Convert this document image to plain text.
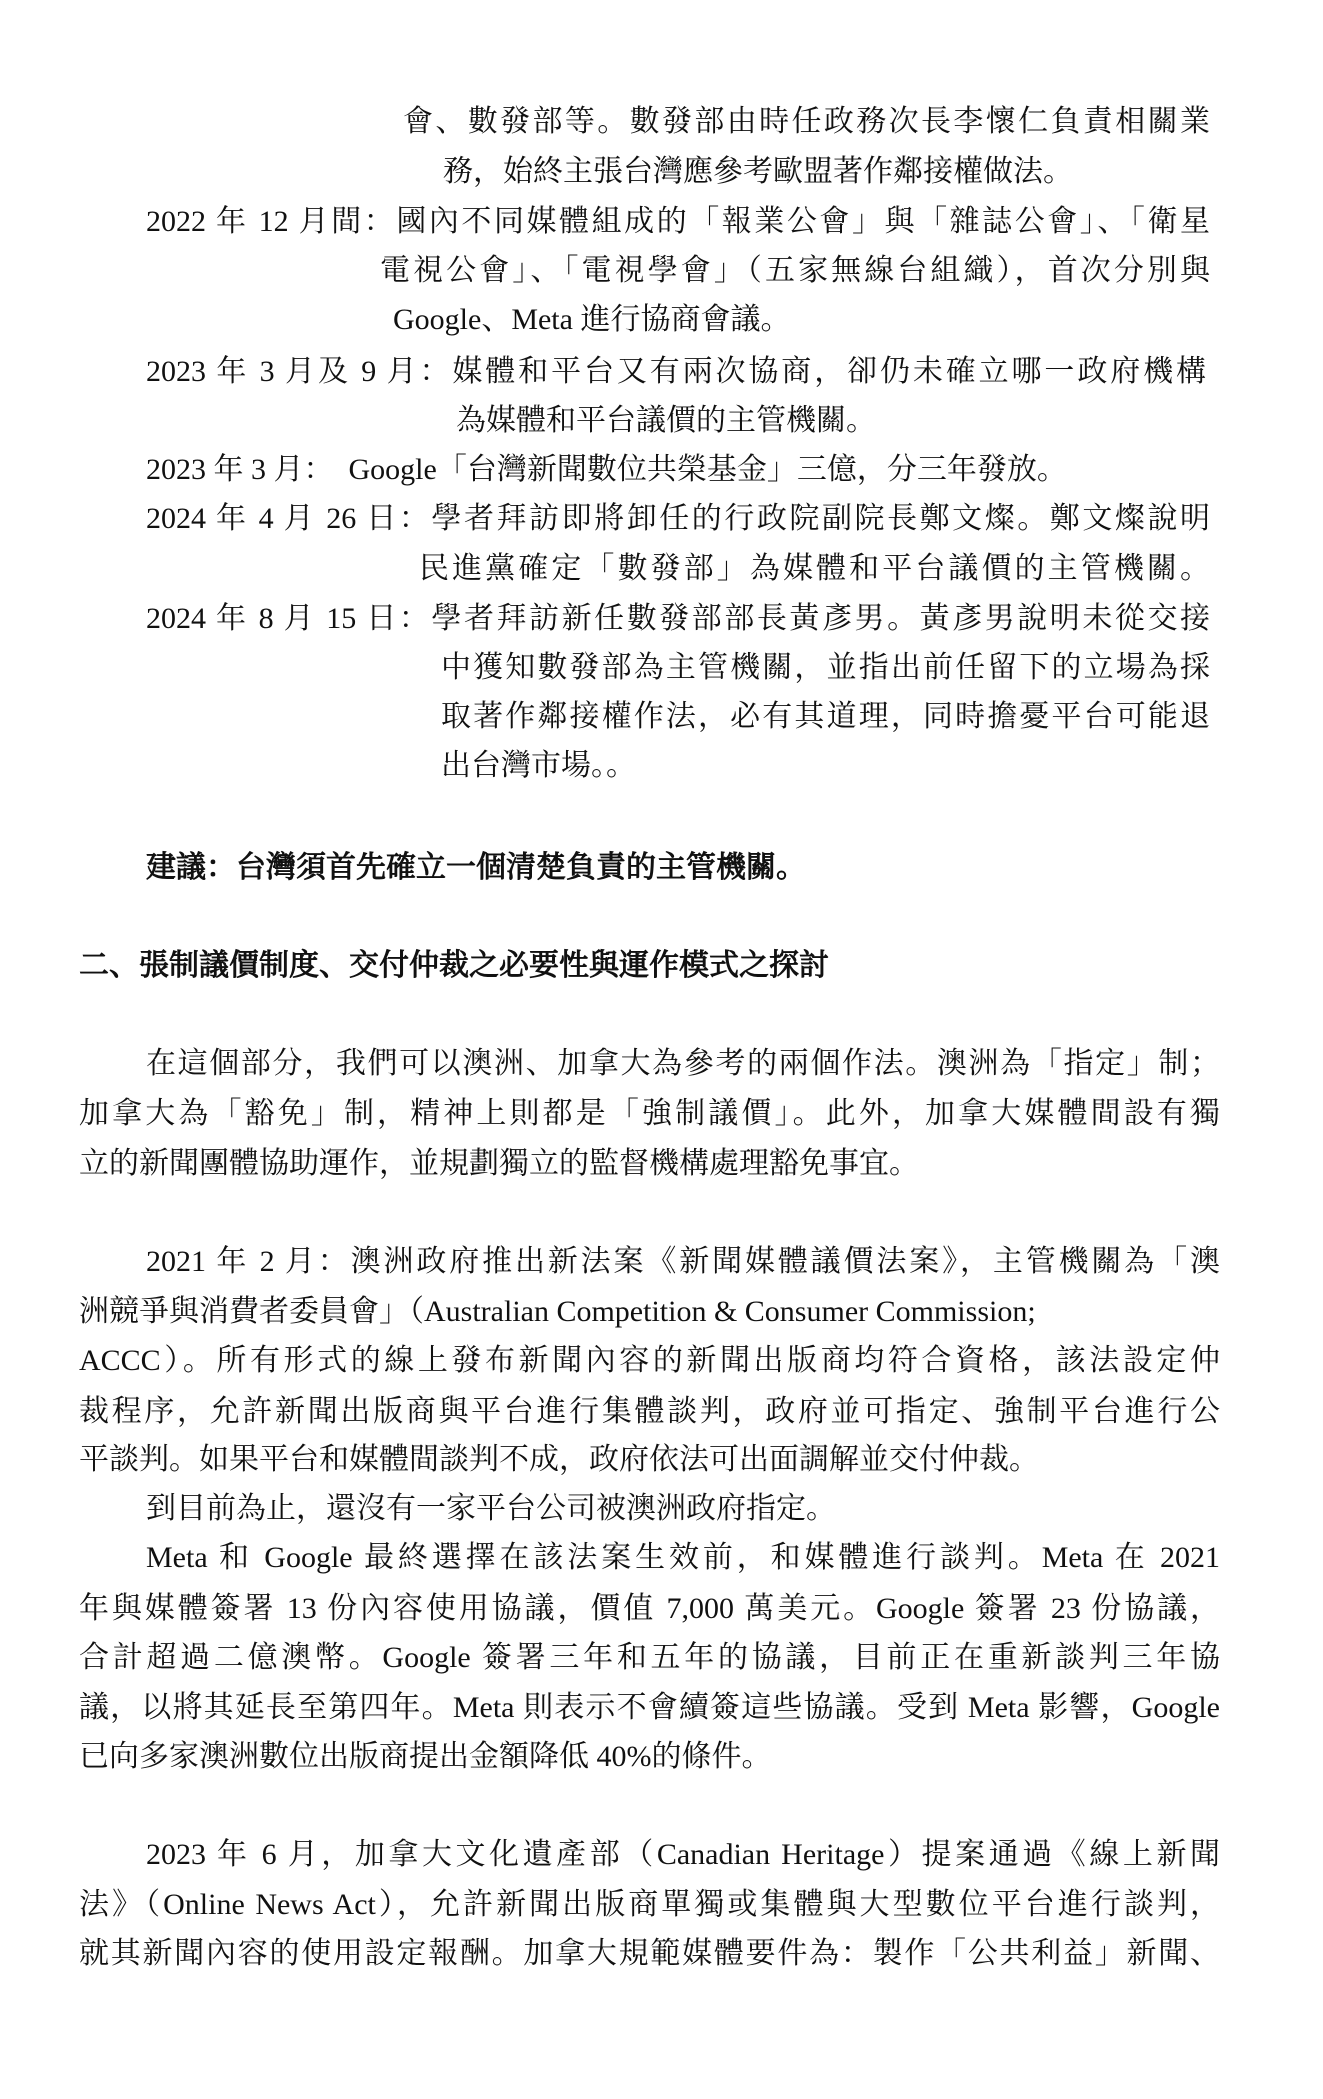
會、數發部等。數發部由時任政務次長李懷仁負責相關業
務，始終主張台灣應參考歐盟著作鄰接權做法。
2022 年 12 月間：國內不同媒體組成的「報業公會」與「雜誌公會」、「衛星
電視公會」、「電視學會」（五家無線台組織），首次分別與
Google、Meta 進行協商會議。
2023 年 3 月及 9 月：媒體和平台又有兩次協商，卻仍未確立哪一政府機構
為媒體和平台議價的主管機關。
2023 年 3 月：　Google「台灣新聞數位共榮基金」三億，分三年發放。
2024 年 4 月 26 日：學者拜訪即將卸任的行政院副院長鄭文燦。鄭文燦說明
民進黨確定「數發部」為媒體和平台議價的主管機關。
2024 年 8 月 15 日：學者拜訪新任數發部部長黃彥男。黃彥男說明未從交接
中獲知數發部為主管機關，並指出前任留下的立場為採
取著作鄰接權作法，必有其道理，同時擔憂平台可能退
出台灣市場。。
建議：台灣須首先確立一個清楚負責的主管機關。
二、張制議價制度、交付仲裁之必要性與運作模式之探討
在這個部分，我們可以澳洲、加拿大為參考的兩個作法。澳洲為「指定」制；
加拿大為「豁免」制，精神上則都是「強制議價」。此外，加拿大媒體間設有獨
立的新聞團體協助運作，並規劃獨立的監督機構處理豁免事宜。
2021 年 2 月：澳洲政府推出新法案《新聞媒體議價法案》，主管機關為「澳
洲競爭與消費者委員會」（Australian Competition & Consumer Commission;
ACCC）。所有形式的線上發布新聞內容的新聞出版商均符合資格，該法設定仲
裁程序，允許新聞出版商與平台進行集體談判，政府並可指定、強制平台進行公
平談判。如果平台和媒體間談判不成，政府依法可出面調解並交付仲裁。
到目前為止，還沒有一家平台公司被澳洲政府指定。
Meta 和 Google 最終選擇在該法案生效前，和媒體進行談判。Meta 在 2021
年與媒體簽署 13 份內容使用協議，價值 7,000 萬美元。Google 簽署 23 份協議，
合計超過二億澳幣。Google 簽署三年和五年的協議，目前正在重新談判三年協
議，以將其延長至第四年。Meta 則表示不會續簽這些協議。受到 Meta 影響，Google
已向多家澳洲數位出版商提出金額降低 40%的條件。
2023 年 6 月，加拿大文化遺產部（Canadian Heritage）提案通過《線上新聞
法》（Online News Act），允許新聞出版商單獨或集體與大型數位平台進行談判，
就其新聞內容的使用設定報酬。加拿大規範媒體要件為：製作「公共利益」新聞、
